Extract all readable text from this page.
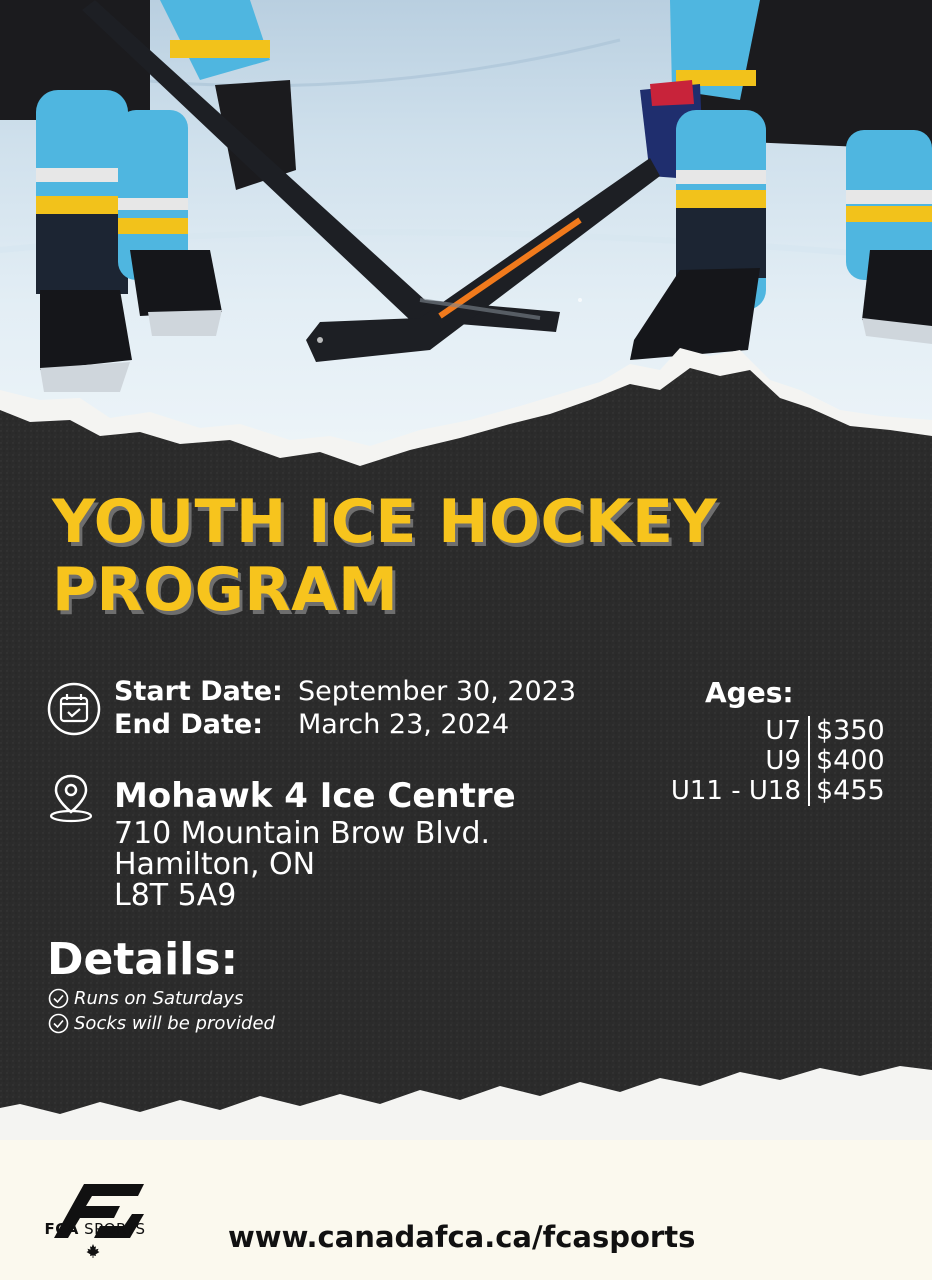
YOUTH ICE HOCKEY
PROGRAM
Start Date: September 30, 2023
End Date:	March 23, 2024
Mohawk 4 Ice Centre
710 Mountain Brow Blvd.
Hamilton, ON
L8T 5A9
Ages:
U7 $350
U9 $400
U11 - U18 $455
Details:
Runs on Saturdays
Socks will be provided
FCA SPORTS	www.canadafca.ca/fcasports
